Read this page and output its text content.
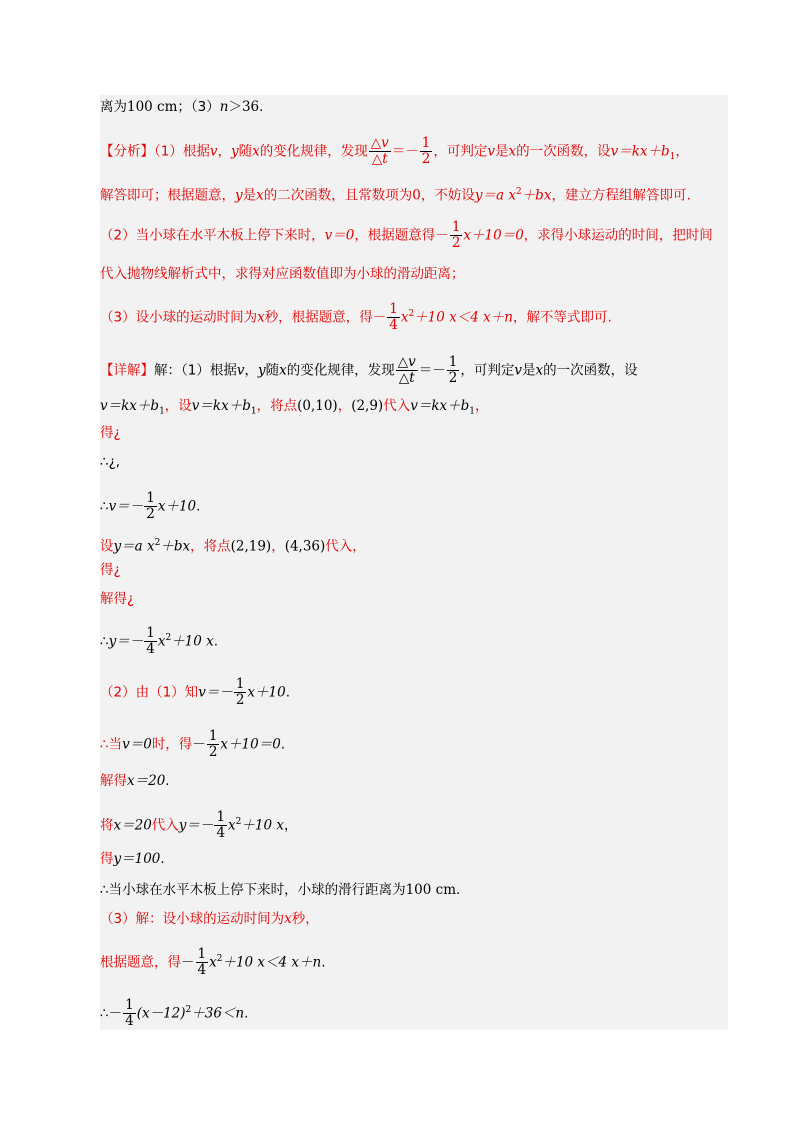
离为100 cm；（3）n＞36.
【分析】（1）根据v，y随x的变化规律，发现 $\frac{\triangle v}{\triangle t} =- \frac{1}{2}$ ，可判定v是x的一次函数，设$v=kx+b_1$，
解答即可；根据题意，y是x的二次函数，且常数项为0，不妨设y＝a $x^2+bx$，建立方程组解答即可.
（2）当小球在水平木板上停下来时，v＝0，根据题意得－ $\frac{1}{2} x+10=0$，求得小球运动的时间，把时间
代入抛物线解析式中，求得对应函数值即为小球的滑动距离；
（3）设小球的运动时间为x秒，根据题意，得－ $\frac{1}{4} x^2+10$ x＜4 x＋n，解不等式即可.
【详解】解：（1）根据v，y随x的变化规律，发现 $\frac{\triangle v}{\triangle t} =- \frac{1}{2}$ ，可判定v是x的一次函数，设
$v=kx+b_1$，设$v=kx+b_1$，将点(0,10)，(2,9)代入$v=kx+b_1$，
得¿
∴¿,
∴v＝－ $\frac{1}{2} x+10$.
设y＝a $x^2+bx$，将点(2,19)，(4,36)代入，
得¿
解得¿
∴y＝－ $\frac{1}{4} x^2+10$ x.
（2）由（1）知$v=- \frac{1}{2} x+10$.
∴当v＝0时，得－ $\frac{1}{2} x+10=0$.
解得x＝20.
将x＝20代入$y=- \frac{1}{4} x^2+10$ x，
得y＝100.
∴当小球在水平木板上停下来时，小球的滑行距离为100 cm.
（3）解：设小球的运动时间为x秒，
根据题意，得－ $\frac{1}{4} x^2+10$ x＜4 x＋n.
∴－ $\frac{1}{4} (x-12)^2+36<n$.
